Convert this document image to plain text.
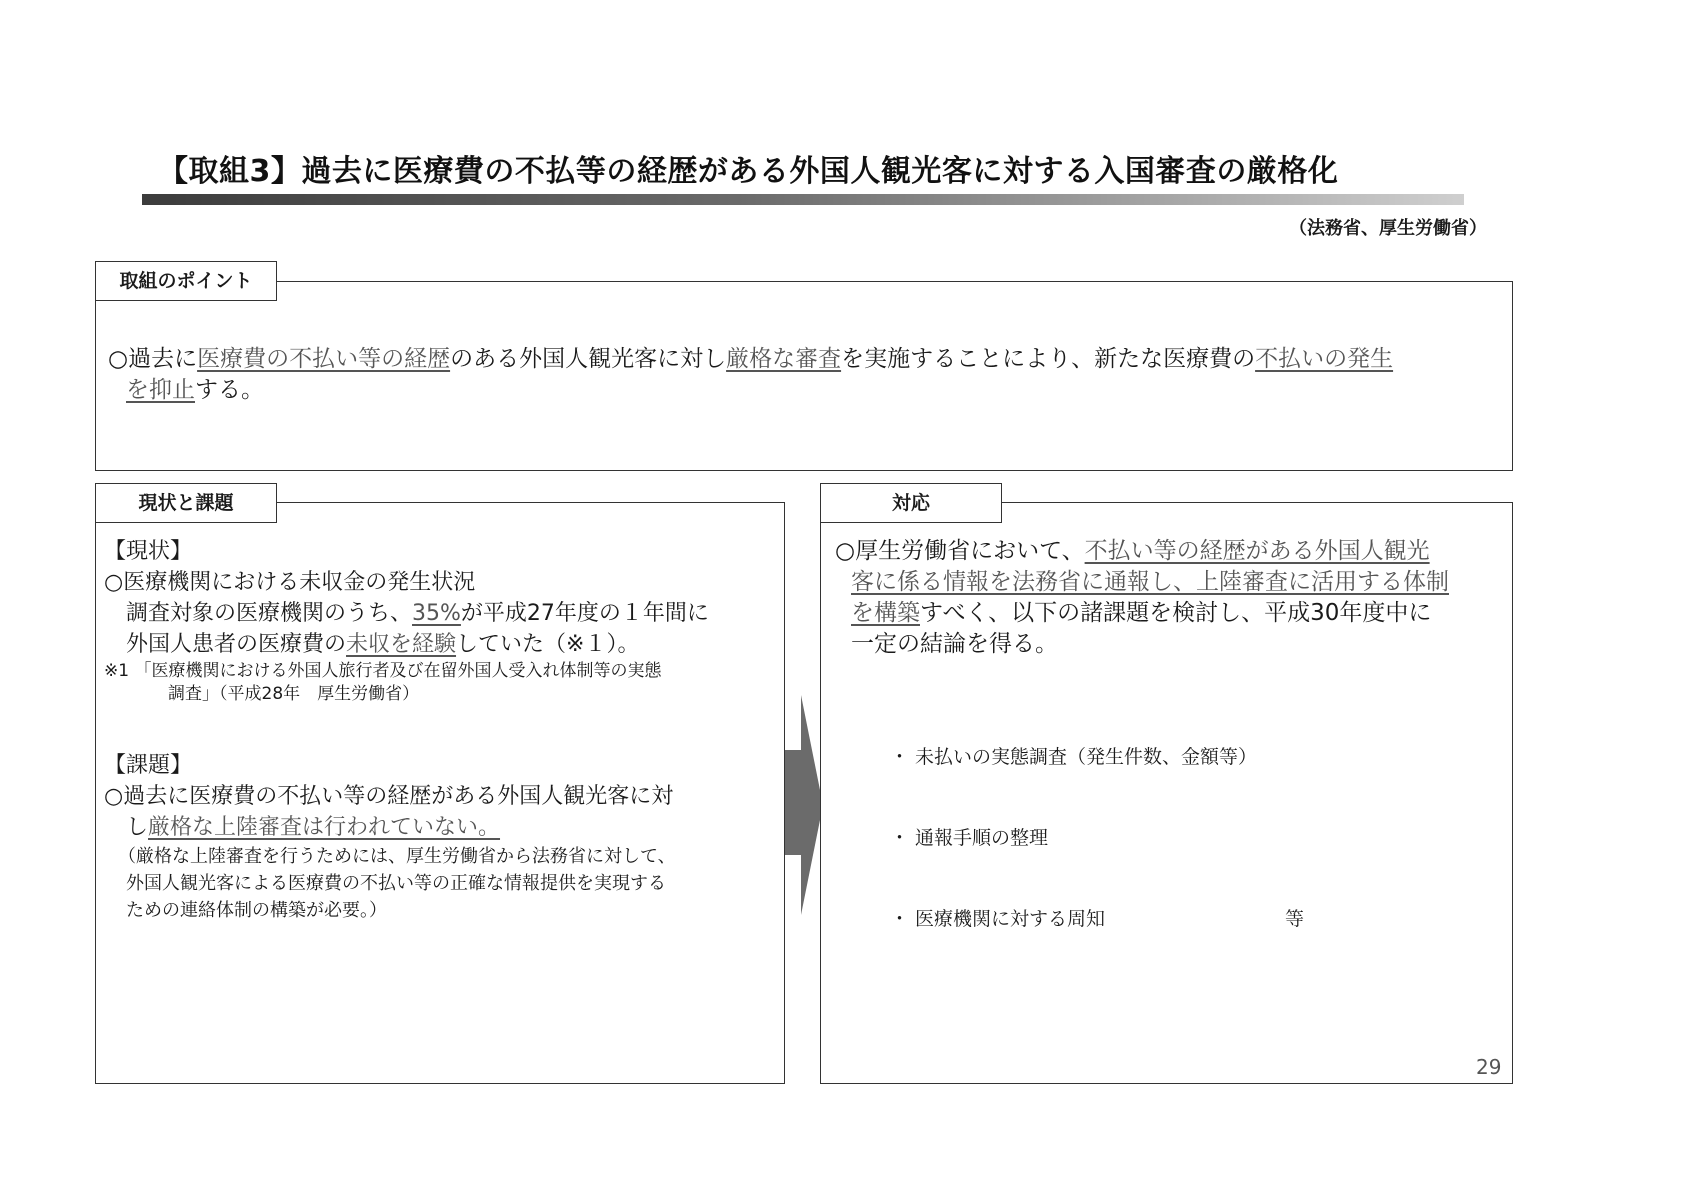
【取組3】過去に医療費の不払等の経歴がある外国人観光客に対する入国審査の厳格化
（法務省、厚生労働省）
取組のポイント
○過去に医療費の不払い等の経歴のある外国人観光客に対し厳格な審査を実施することにより、新たな医療費の不払いの発生
を抑止する。
現状と課題
【現状】
○医療機関における未収金の発生状況
調査対象の医療機関のうち、35%が平成27年度の１年間に
外国人患者の医療費の未収を経験していた（※１）。
※1 「医療機関における外国人旅行者及び在留外国人受入れ体制等の実態
調査」（平成28年　厚生労働省）
【課題】
○過去に医療費の不払い等の経歴がある外国人観光客に対
し厳格な上陸審査は行われていない。
（厳格な上陸審査を行うためには、厚生労働省から法務省に対して、
外国人観光客による医療費の不払い等の正確な情報提供を実現する
ための連絡体制の構築が必要。）
対応
○厚生労働省において、不払い等の経歴がある外国人観光
客に係る情報を法務省に通報し、上陸審査に活用する体制
を構築すべく、以下の諸課題を検討し、平成30年度中に
一定の結論を得る。

・ 未払いの実態調査（発生件数、金額等）

・ 通報手順の整理

・ 医療機関に対する周知	等

29
